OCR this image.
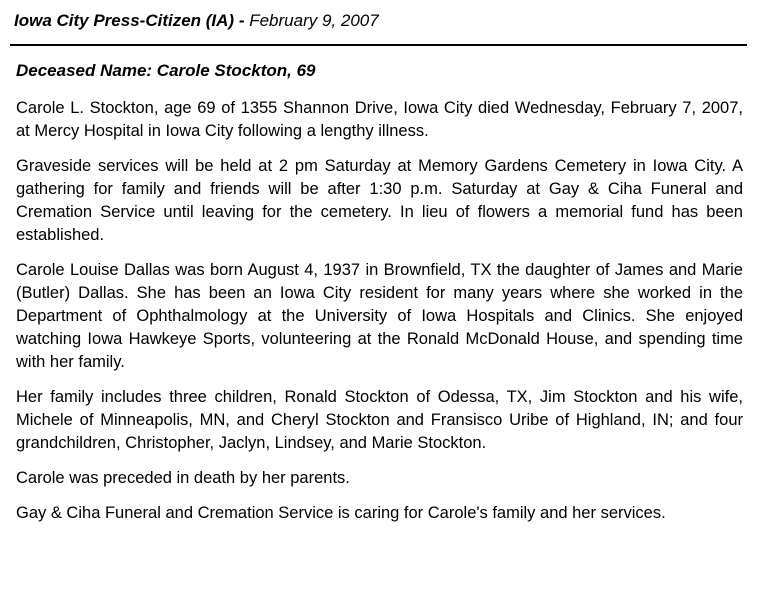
Iowa City Press-Citizen (IA) - February 9, 2007
Deceased Name: Carole Stockton, 69

Carole L. Stockton, age 69 of 1355 Shannon Drive, Iowa City died Wednesday, February 7, 2007, at Mercy Hospital in Iowa City following a lengthy illness.

Graveside services will be held at 2 pm Saturday at Memory Gardens Cemetery in Iowa City. A gathering for family and friends will be after 1:30 p.m. Saturday at Gay & Ciha Funeral and Cremation Service until leaving for the cemetery. In lieu of flowers a memorial fund has been established.

Carole Louise Dallas was born August 4, 1937 in Brownfield, TX the daughter of James and Marie (Butler) Dallas. She has been an Iowa City resident for many years where she worked in the Department of Ophthalmology at the University of Iowa Hospitals and Clinics. She enjoyed watching Iowa Hawkeye Sports, volunteering at the Ronald McDonald House, and spending time with her family.

Her family includes three children, Ronald Stockton of Odessa, TX, Jim Stockton and his wife, Michele of Minneapolis, MN, and Cheryl Stockton and Fransisco Uribe of Highland, IN; and four grandchildren, Christopher, Jaclyn, Lindsey, and Marie Stockton.

Carole was preceded in death by her parents.

Gay & Ciha Funeral and Cremation Service is caring for Carole's family and her services.
